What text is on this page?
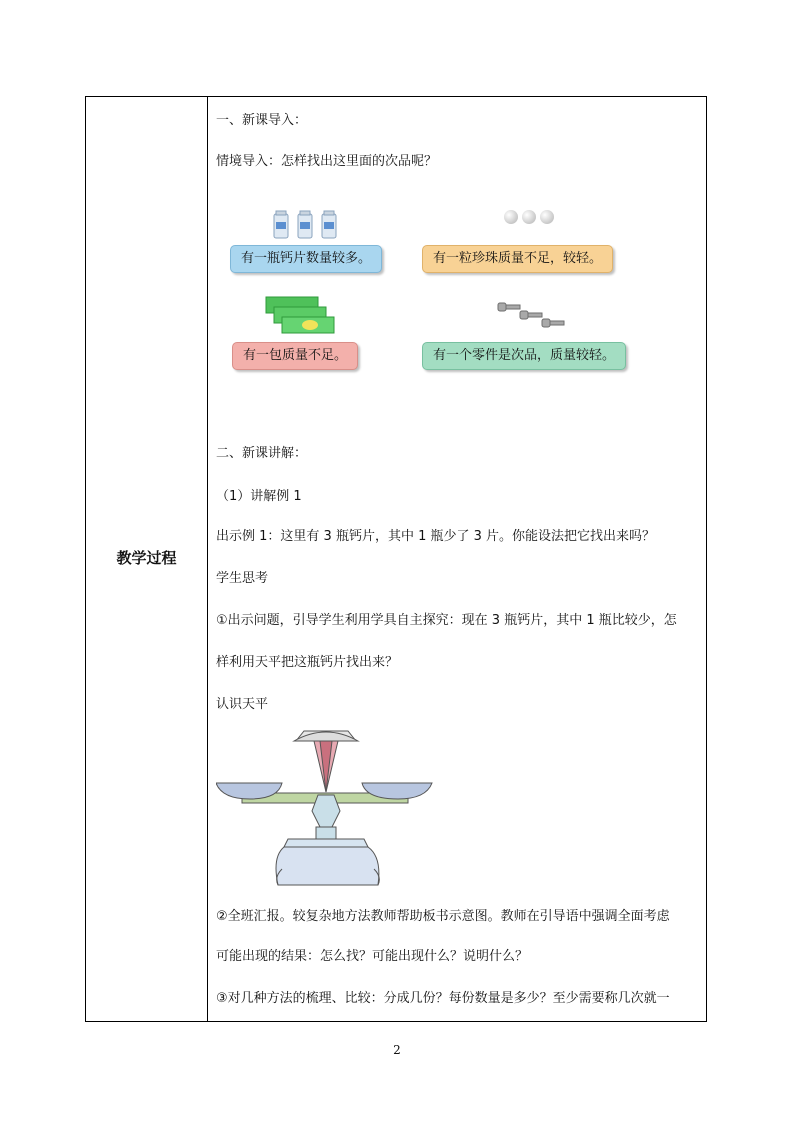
教学过程
一、新课导入：
情境导入：怎样找出这里面的次品呢？
有一瓶钙片数量较多。	有一粒珍珠质量不足，较轻。
有一包质量不足。	有一个零件是次品，质量较轻。
二、新课讲解：
（1）讲解例 1
出示例 1：这里有 3 瓶钙片，其中 1 瓶少了 3 片。你能设法把它找出来吗？
学生思考
①出示问题，引导学生利用学具自主探究：现在 3 瓶钙片，其中 1 瓶比较少，怎
样利用天平把这瓶钙片找出来？
认识天平
②全班汇报。较复杂地方法教师帮助板书示意图。教师在引导语中强调全面考虑
可能出现的结果：怎么找？可能出现什么？说明什么？
③对几种方法的梳理、比较：分成几份？每份数量是多少？至少需要称几次就一
2
